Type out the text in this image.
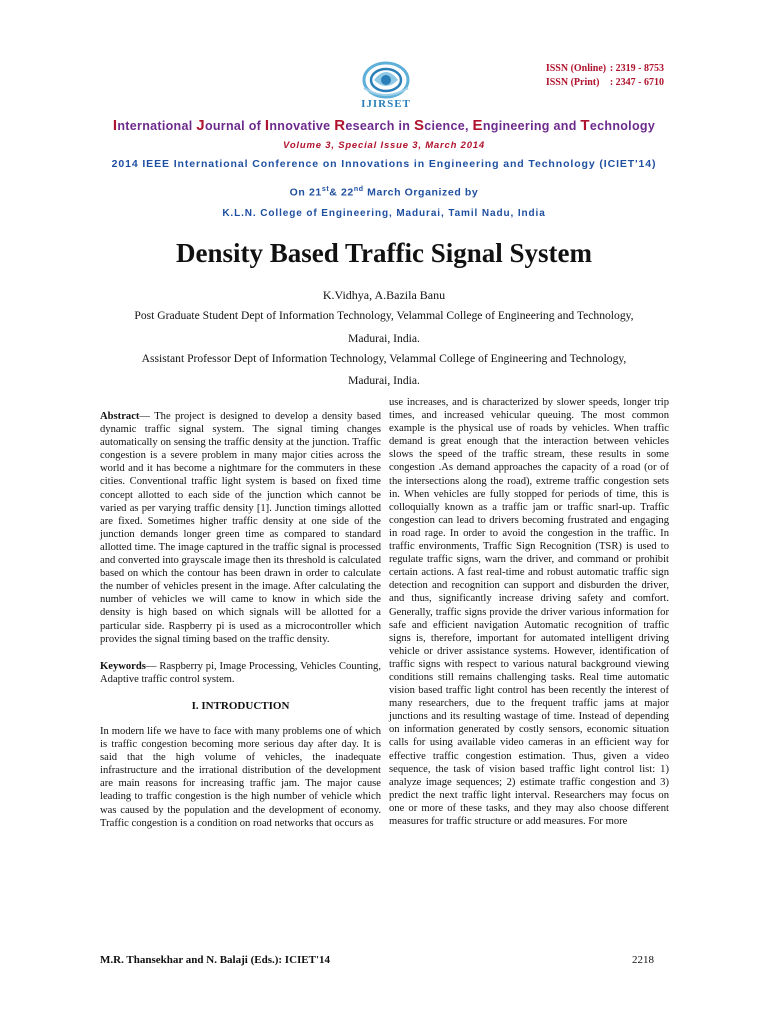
ISSN (Online) : 2319 - 8753
ISSN (Print)	: 2347 - 6710
IJIRSET
International Journal of Innovative Research in Science, Engineering and Technology
Volume 3, Special Issue 3, March 2014
2014 IEEE International Conference on Innovations in Engineering and Technology (ICIET'14)
On 21st& 22nd March Organized by
K.L.N. College of Engineering, Madurai, Tamil Nadu, India
Density Based Traffic Signal System
K.Vidhya, A.Bazila Banu
Post Graduate Student Dept of Information Technology, Velammal College of Engineering and Technology,
Madurai, India.
Assistant Professor Dept of Information Technology, Velammal College of Engineering and Technology,
Madurai, India.

Abstract— The project is designed to develop a density based dynamic traffic signal system. The signal timing changes automatically on sensing the traffic density at the junction. Traffic congestion is a severe problem in many major cities across the world and it has become a nightmare for the commuters in these cities. Conventional traffic light system is based on fixed time concept allotted to each side of the junction which cannot be varied as per varying traffic density [1]. Junction timings allotted are fixed. Sometimes higher traffic density at one side of the junction demands longer green time as compared to standard allotted time. The image captured in the traffic signal is processed and converted into grayscale image then its threshold is calculated based on which the contour has been drawn in order to calculate the number of vehicles present in the image. After calculating the number of vehicles we will came to know in which side the density is high based on which signals will be allotted for a particular side. Raspberry pi is used as a microcontroller which provides the signal timing based on the traffic density.

Keywords— Raspberry pi, Image Processing, Vehicles Counting, Adaptive traffic control system.

I. INTRODUCTION

In modern life we have to face with many problems one of which is traffic congestion becoming more serious day after day. It is said that the high volume of vehicles, the inadequate infrastructure and the irrational distribution of the development are main reasons for increasing traffic jam. The major cause leading to traffic congestion is the high number of vehicle which was caused by the population and the development of economy. Traffic congestion is a condition on road networks that occurs as

use increases, and is characterized by slower speeds, longer trip times, and increased vehicular queuing. The most common example is the physical use of roads by vehicles. When traffic demand is great enough that the interaction between vehicles slows the speed of the traffic stream, these results in some congestion .As demand approaches the capacity of a road (or of the intersections along the road), extreme traffic congestion sets in. When vehicles are fully stopped for periods of time, this is colloquially known as a traffic jam or traffic snarl-up. Traffic congestion can lead to drivers becoming frustrated and engaging in road rage. In order to avoid the congestion in the traffic. In traffic environments, Traffic Sign Recognition (TSR) is used to regulate traffic signs, warn the driver, and command or prohibit certain actions. A fast real-time and robust automatic traffic sign detection and recognition can support and disburden the driver, and thus, significantly increase driving safety and comfort. Generally, traffic signs provide the driver various information for safe and efficient navigation Automatic recognition of traffic signs is, therefore, important for automated intelligent driving vehicle or driver assistance systems. However, identification of traffic signs with respect to various natural background viewing conditions still remains challenging tasks. Real time automatic vision based traffic light control has been recently the interest of many researchers, due to the frequent traffic jams at major junctions and its resulting wastage of time. Instead of depending on information generated by costly sensors, economic situation calls for using available video cameras in an efficient way for effective traffic congestion estimation. Thus, given a video sequence, the task of vision based traffic light control list: 1) analyze image sequences; 2) estimate traffic congestion and 3) predict the next traffic light interval. Researchers may focus on one or more of these tasks, and they may also choose different measures for traffic structure or add measures. For more

M.R. Thansekhar and N. Balaji (Eds.): ICIET'14	2218
